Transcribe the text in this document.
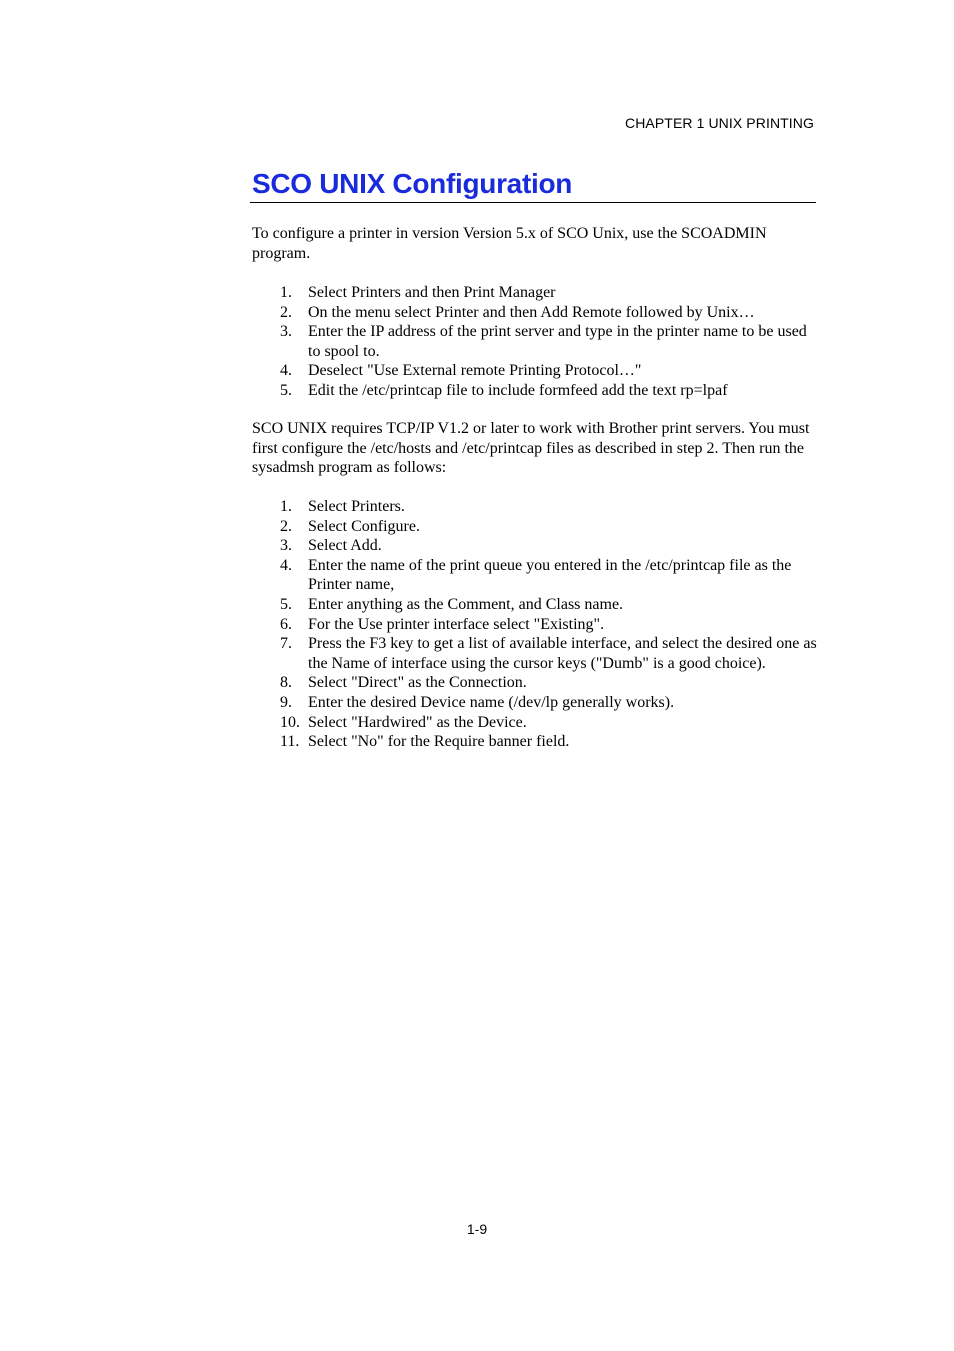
CHAPTER 1 UNIX PRINTING
SCO UNIX Configuration

To configure a printer in version Version 5.x of SCO Unix, use the SCOADMIN program.

1. Select Printers and then Print Manager
2. On the menu select Printer and then Add Remote followed by Unix…
3. Enter the IP address of the print server and type in the printer name to be used to spool to.
4. Deselect "Use External remote Printing Protocol…"
5. Edit the /etc/printcap file to include formfeed add the text rp=lpaf

SCO UNIX requires TCP/IP V1.2 or later to work with Brother print servers. You must first configure the /etc/hosts and /etc/printcap files as described in step 2. Then run the sysadmsh program as follows:

1. Select Printers.
2. Select Configure.
3. Select Add.
4. Enter the name of the print queue you entered in the /etc/printcap file as the Printer name,
5. Enter anything as the Comment, and Class name.
6. For the Use printer interface select "Existing".
7. Press the F3 key to get a list of available interface, and select the desired one as the Name of interface using the cursor keys ("Dumb" is a good choice).
8. Select "Direct" as the Connection.
9. Enter the desired Device name (/dev/lp generally works).
10. Select "Hardwired" as the Device.
11. Select "No" for the Require banner field.
1-9
